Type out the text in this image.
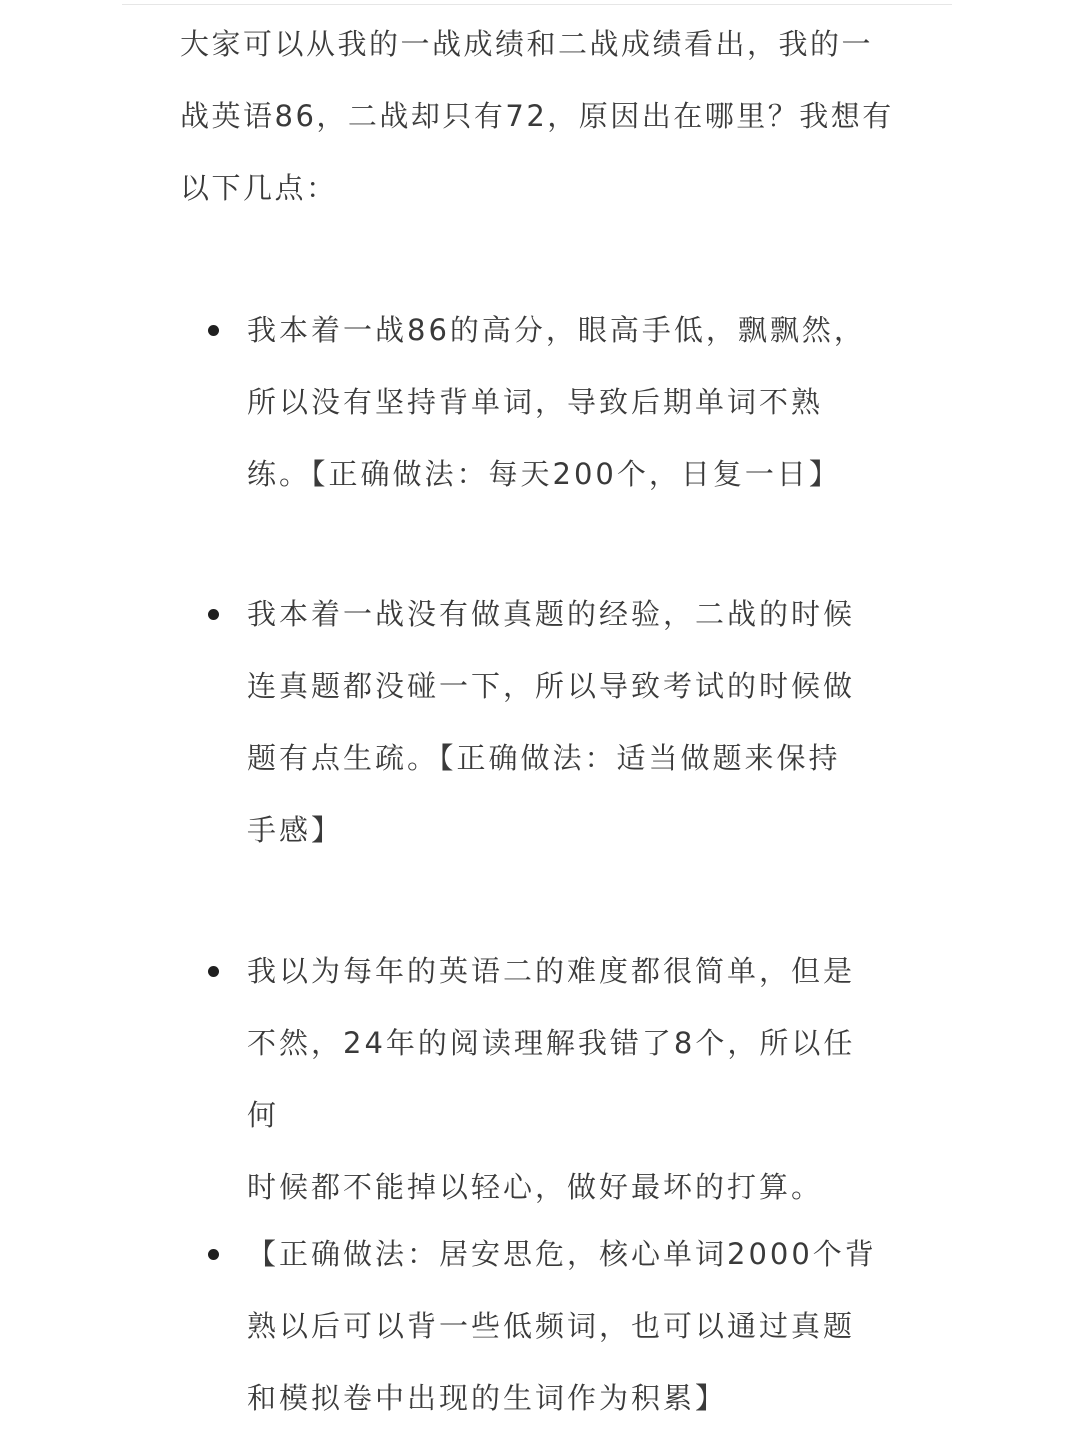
大家可以从我的一战成绩和二战成绩看出，我的一
战英语86，二战却只有72，原因出在哪里？我想有
以下几点：

我本着一战86的高分，眼高手低，飘飘然，
所以没有坚持背单词，导致后期单词不熟
练。【正确做法：每天200个，日复一日】
我本着一战没有做真题的经验，二战的时候
连真题都没碰一下，所以导致考试的时候做
题有点生疏。【正确做法：适当做题来保持
手感】
我以为每年的英语二的难度都很简单，但是
不然，24年的阅读理解我错了8个，所以任何
时候都不能掉以轻心，做好最坏的打算。
【正确做法：居安思危，核心单词2000个背
熟以后可以背一些低频词，也可以通过真题
和模拟卷中出现的生词作为积累】
